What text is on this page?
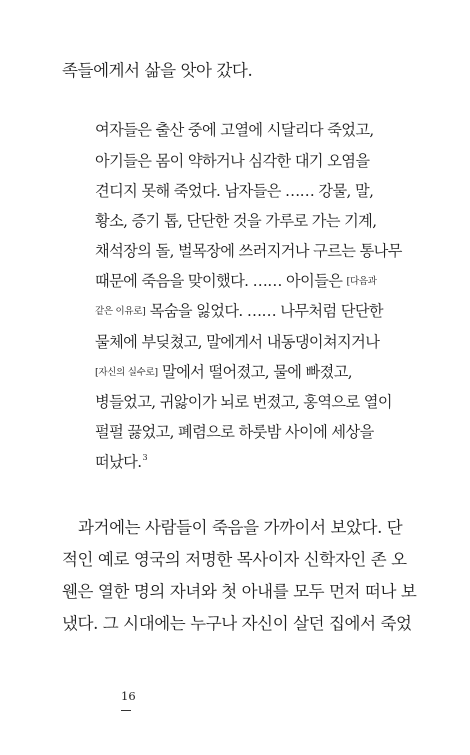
족들에게서 삶을 앗아 갔다.
여자들은 출산 중에 고열에 시달리다 죽었고,
아기들은 몸이 약하거나 심각한 대기 오염을
견디지 못해 죽었다. 남자들은 …… 강물, 말,
황소, 증기 톱, 단단한 것을 가루로 가는 기계,
채석장의 돌, 벌목장에 쓰러지거나 구르는 통나무
때문에 죽음을 맞이했다. …… 아이들은 [다음과
같은 이유로] 목숨을 잃었다. …… 나무처럼 단단한
물체에 부딪쳤고, 말에게서 내동댕이쳐지거나
[자신의 실수로] 말에서 떨어졌고, 물에 빠졌고,
병들었고, 귀앓이가 뇌로 번졌고, 홍역으로 열이
펄펄 끓었고, 폐렴으로 하룻밤 사이에 세상을
떠났다.$^3$
과거에는 사람들이 죽음을 가까이서 보았다. 단
적인 예로 영국의 저명한 목사이자 신학자인 존 오
웬은 열한 명의 자녀와 첫 아내를 모두 먼저 떠나 보
냈다. 그 시대에는 누구나 자신이 살던 집에서 죽었
16
